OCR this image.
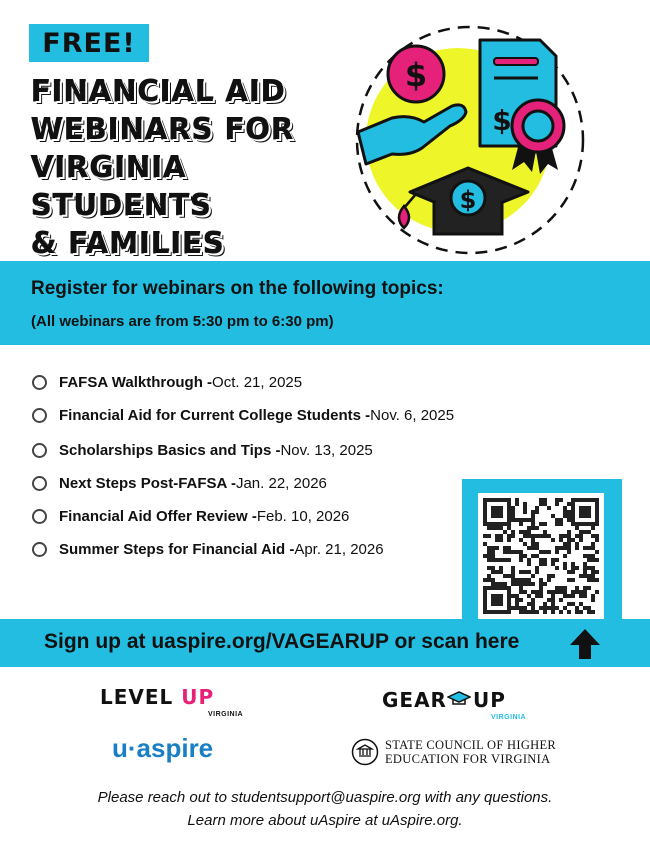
FREE!
FINANCIAL AID
WEBINARS FOR
VIRGINIA
STUDENTS
& FAMILIES
$
$
$
Register for webinars on the following topics:
(All webinars are from 5:30 pm to 6:30 pm)
FAFSA Walkthrough - Oct. 21, 2025
Financial Aid for Current College Students - Nov. 6, 2025
Scholarships Basics and Tips - Nov. 13, 2025
Next Steps Post-FAFSA - Jan. 22, 2026
Financial Aid Offer Review - Feb. 10, 2026
Summer Steps for Financial Aid - Apr. 21, 2026
Sign up at uaspire.org/VAGEARUP or scan here
LEVEL UP
VIRGINIA
GEAR UP
VIRGINIA
u·aspire	STATE COUNCIL OF HIGHER
EDUCATION FOR VIRGINIA
Please reach out to studentsupport@uaspire.org with any questions.
Learn more about uAspire at uAspire.org.
